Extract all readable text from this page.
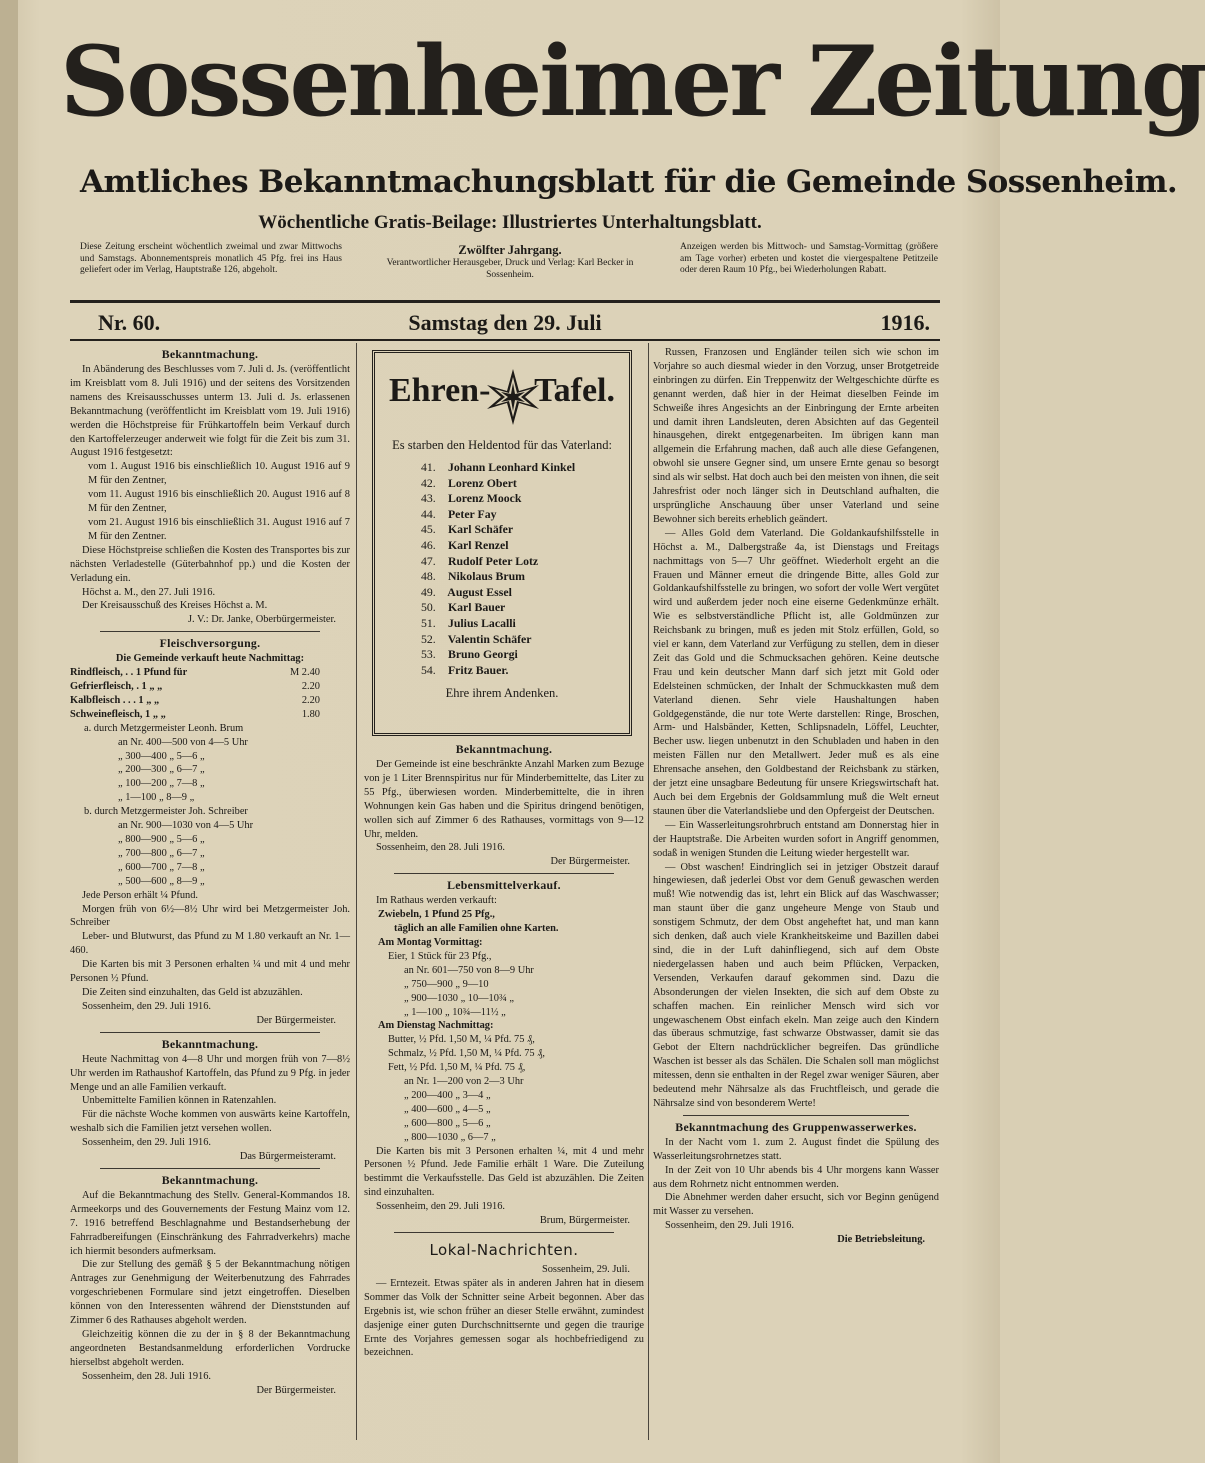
Sossenheimer Zeitung
Amtliches Bekanntmachungsblatt für die Gemeinde Sossenheim.
Wöchentliche Gratis-Beilage: Illustriertes Unterhaltungsblatt.
Diese Zeitung erscheint wöchentlich zweimal und zwar Mittwochs und Samstags. Abonnementspreis monatlich 45 Pfg. frei ins Haus geliefert oder im Verlag, Hauptstraße 126, abgeholt.
Zwölfter Jahrgang.
Verantwortlicher Herausgeber, Druck und Verlag: Karl Becker in Sossenheim.
Anzeigen werden bis Mittwoch- und Samstag-Vormittag (größere am Tage vorher) erbeten und kostet die viergespaltene Petitzeile oder deren Raum 10 Pfg., bei Wiederholungen Rabatt.
Nr. 60.	Samstag den 29. Juli	1916.
Bekanntmachung.

In Abänderung des Beschlusses vom 7. Juli d. Js. (veröffentlicht im Kreisblatt vom 8. Juli 1916) und der seitens des Vorsitzenden namens des Kreisausschusses unterm 13. Juli d. Js. erlassenen Bekanntmachung (veröffentlicht im Kreisblatt vom 19. Juli 1916) werden die Höchstpreise für Frühkartoffeln beim Verkauf durch den Kartoffelerzeuger anderweit wie folgt für die Zeit bis zum 31. August 1916 festgesetzt:

vom 1. August 1916 bis einschließlich 10. August 1916 auf 9 M für den Zentner,

vom 11. August 1916 bis einschließlich 20. August 1916 auf 8 M für den Zentner,

vom 21. August 1916 bis einschließlich 31. August 1916 auf 7 M für den Zentner.

Diese Höchstpreise schließen die Kosten des Transportes bis zur nächsten Verladestelle (Güterbahnhof pp.) und die Kosten der Verladung ein.

Höchst a. M., den 27. Juli 1916.

Der Kreisausschuß des Kreises Höchst a. M.

J. V.: Dr. Janke, Oberbürgermeister.

Fleischversorgung.

Die Gemeinde verkauft heute Nachmittag:

Rindfleisch, . . 1 Pfund für	M 2.40
Gefrierfleisch, . 1 „ „	2.20
Kalbfleisch . . . 1 „ „	2.20
Schweinefleisch, 1 „ „	1.80

a. durch Metzgermeister Leonh. Brum

an Nr. 400—500 von 4—5 Uhr

„ 300—400 „ 5—6 „

„ 200—300 „ 6—7 „

„ 100—200 „ 7—8 „

„ 1—100 „ 8—9 „

b. durch Metzgermeister Joh. Schreiber

an Nr. 900—1030 von 4—5 Uhr

„ 800—900 „ 5—6 „

„ 700—800 „ 6—7 „

„ 600—700 „ 7—8 „

„ 500—600 „ 8—9 „

Jede Person erhält ¼ Pfund.

Morgen früh von 6½—8½ Uhr wird bei Metzgermeister Joh. Schreiber

Leber- und Blutwurst, das Pfund zu M 1.80 verkauft an Nr. 1—460.

Die Karten bis mit 3 Personen erhalten ¼ und mit 4 und mehr Personen ½ Pfund.

Die Zeiten sind einzuhalten, das Geld ist abzuzählen.

Sossenheim, den 29. Juli 1916.

Der Bürgermeister.

Bekanntmachung.

Heute Nachmittag von 4—8 Uhr und morgen früh von 7—8½ Uhr werden im Rathaushof Kartoffeln, das Pfund zu 9 Pfg. in jeder Menge und an alle Familien verkauft.

Unbemittelte Familien können in Ratenzahlen.

Für die nächste Woche kommen von auswärts keine Kartoffeln, weshalb sich die Familien jetzt versehen wollen.

Sossenheim, den 29. Juli 1916.

Das Bürgermeisteramt.

Bekanntmachung.

Auf die Bekanntmachung des Stellv. General-Kommandos 18. Armeekorps und des Gouvernements der Festung Mainz vom 12. 7. 1916 betreffend Beschlagnahme und Bestandserhebung der Fahrradbereifungen (Einschränkung des Fahrradverkehrs) mache ich hiermit besonders aufmerksam.

Die zur Stellung des gemäß § 5 der Bekanntmachung nötigen Antrages zur Genehmigung der Weiterbenutzung des Fahrrades vorgeschriebenen Formulare sind jetzt eingetroffen. Dieselben können von den Interessenten während der Dienststunden auf Zimmer 6 des Rathauses abgeholt werden.

Gleichzeitig können die zu der in § 8 der Bekanntmachung angeordneten Bestandsanmeldung erforderlichen Vordrucke hierselbst abgeholt werden.

Sossenheim, den 28. Juli 1916.

Der Bürgermeister.

Ehren- Tafel.
Es starben den Heldentod für das Vaterland:
41. Johann Leonhard Kinkel
42. Lorenz Obert
43. Lorenz Moock
44. Peter Fay
45. Karl Schäfer
46. Karl Renzel
47. Rudolf Peter Lotz
48. Nikolaus Brum
49. August Essel
50. Karl Bauer
51. Julius Lacalli
52. Valentin Schäfer
53. Bruno Georgi
54. Fritz Bauer.
Ehre ihrem Andenken.
Bekanntmachung.

Der Gemeinde ist eine beschränkte Anzahl Marken zum Bezuge von je 1 Liter Brennspiritus nur für Minderbemittelte, das Liter zu 55 Pfg., überwiesen worden. Minderbemittelte, die in ihren Wohnungen kein Gas haben und die Spiritus dringend benötigen, wollen sich auf Zimmer 6 des Rathauses, vormittags von 9—12 Uhr, melden.

Sossenheim, den 28. Juli 1916.

Der Bürgermeister.

Lebensmittelverkauf.

Im Rathaus werden verkauft:

Zwiebeln, 1 Pfund 25 Pfg.,

täglich an alle Familien ohne Karten.

Am Montag Vormittag:

Eier, 1 Stück für 23 Pfg.,

an Nr. 601—750 von 8—9 Uhr

„ 750—900 „ 9—10

„ 900—1030 „ 10—10¾ „

„ 1—100 „ 10¾—11½ „

Am Dienstag Nachmittag:

Butter, ½ Pfd. 1,50 M, ¼ Pfd. 75 ₰,

Schmalz, ½ Pfd. 1,50 M, ¼ Pfd. 75 ₰,

Fett, ½ Pfd. 1,50 M, ¼ Pfd. 75 ₰,

an Nr. 1—200 von 2—3 Uhr

„ 200—400 „ 3—4 „

„ 400—600 „ 4—5 „

„ 600—800 „ 5—6 „

„ 800—1030 „ 6—7 „

Die Karten bis mit 3 Personen erhalten ¼, mit 4 und mehr Personen ½ Pfund. Jede Familie erhält 1 Ware. Die Zuteilung bestimmt die Verkaufsstelle. Das Geld ist abzuzählen. Die Zeiten sind einzuhalten.

Sossenheim, den 29. Juli 1916.

Brum, Bürgermeister.

Lokal-Nachrichten.

Sossenheim, 29. Juli.

— Erntezeit. Etwas später als in anderen Jahren hat in diesem Sommer das Volk der Schnitter seine Arbeit begonnen. Aber das Ergebnis ist, wie schon früher an dieser Stelle erwähnt, zumindest dasjenige einer guten Durchschnittsernte und gegen die traurige Ernte des Vorjahres gemessen sogar als hochbefriedigend zu bezeichnen.

Russen, Franzosen und Engländer teilen sich wie schon im Vorjahre so auch diesmal wieder in den Vorzug, unser Brotgetreide einbringen zu dürfen. Ein Treppenwitz der Weltgeschichte dürfte es genannt werden, daß hier in der Heimat dieselben Feinde im Schweiße ihres Angesichts an der Einbringung der Ernte arbeiten und damit ihren Landsleuten, deren Absichten auf das Gegenteil hinausgehen, direkt entgegenarbeiten. Im übrigen kann man allgemein die Erfahrung machen, daß auch alle diese Gefangenen, obwohl sie unsere Gegner sind, um unsere Ernte genau so besorgt sind als wir selbst. Hat doch auch bei den meisten von ihnen, die seit Jahresfrist oder noch länger sich in Deutschland aufhalten, die ursprüngliche Anschauung über unser Vaterland und seine Bewohner sich bereits erheblich geändert.

— Alles Gold dem Vaterland. Die Goldankaufshilfsstelle in Höchst a. M., Dalbergstraße 4a, ist Dienstags und Freitags nachmittags von 5—7 Uhr geöffnet. Wiederholt ergeht an die Frauen und Männer erneut die dringende Bitte, alles Gold zur Goldankaufshilfsstelle zu bringen, wo sofort der volle Wert vergütet wird und außerdem jeder noch eine eiserne Gedenkmünze erhält. Wie es selbstverständliche Pflicht ist, alle Goldmünzen zur Reichsbank zu bringen, muß es jeden mit Stolz erfüllen, Gold, so viel er kann, dem Vaterland zur Verfügung zu stellen, dem in dieser Zeit das Gold und die Schmucksachen gehören. Keine deutsche Frau und kein deutscher Mann darf sich jetzt mit Gold oder Edelsteinen schmücken, der Inhalt der Schmuckkasten muß dem Vaterland dienen. Sehr viele Haushaltungen haben Goldgegenstände, die nur tote Werte darstellen: Ringe, Broschen, Arm- und Halsbänder, Ketten, Schlipsnadeln, Löffel, Leuchter, Becher usw. liegen unbenutzt in den Schubladen und haben in den meisten Fällen nur den Metallwert. Jeder muß es als eine Ehrensache ansehen, den Goldbestand der Reichsbank zu stärken, der jetzt eine unsagbare Bedeutung für unsere Kriegswirtschaft hat. Auch bei dem Ergebnis der Goldsammlung muß die Welt erneut staunen über die Vaterlandsliebe und den Opfergeist der Deutschen.

— Ein Wasserleitungsrohrbruch entstand am Donnerstag hier in der Hauptstraße. Die Arbeiten wurden sofort in Angriff genommen, sodaß in wenigen Stunden die Leitung wieder hergestellt war.

— Obst waschen! Eindringlich sei in jetziger Obstzeit darauf hingewiesen, daß jederlei Obst vor dem Genuß gewaschen werden muß! Wie notwendig das ist, lehrt ein Blick auf das Waschwasser; man staunt über die ganz ungeheure Menge von Staub und sonstigem Schmutz, der dem Obst angeheftet hat, und man kann sich denken, daß auch viele Krankheitskeime und Bazillen dabei sind, die in der Luft dahinfliegend, sich auf dem Obste niedergelassen haben und auch beim Pflücken, Verpacken, Versenden, Verkaufen darauf gekommen sind. Dazu die Absonderungen der vielen Insekten, die sich auf dem Obste zu schaffen machen. Ein reinlicher Mensch wird sich vor ungewaschenem Obst einfach ekeln. Man zeige auch den Kindern das überaus schmutzige, fast schwarze Obstwasser, damit sie das Gebot der Eltern nachdrücklicher begreifen. Das gründliche Waschen ist besser als das Schälen. Die Schalen soll man möglichst mitessen, denn sie enthalten in der Regel zwar weniger Säuren, aber bedeutend mehr Nährsalze als das Fruchtfleisch, und gerade die Nährsalze sind von besonderem Werte!

Bekanntmachung des Gruppenwasserwerkes.

In der Nacht vom 1. zum 2. August findet die Spülung des Wasserleitungsrohrnetzes statt.

In der Zeit von 10 Uhr abends bis 4 Uhr morgens kann Wasser aus dem Rohrnetz nicht entnommen werden.

Die Abnehmer werden daher ersucht, sich vor Beginn genügend mit Wasser zu versehen.

Sossenheim, den 29. Juli 1916.

Die Betriebsleitung.
